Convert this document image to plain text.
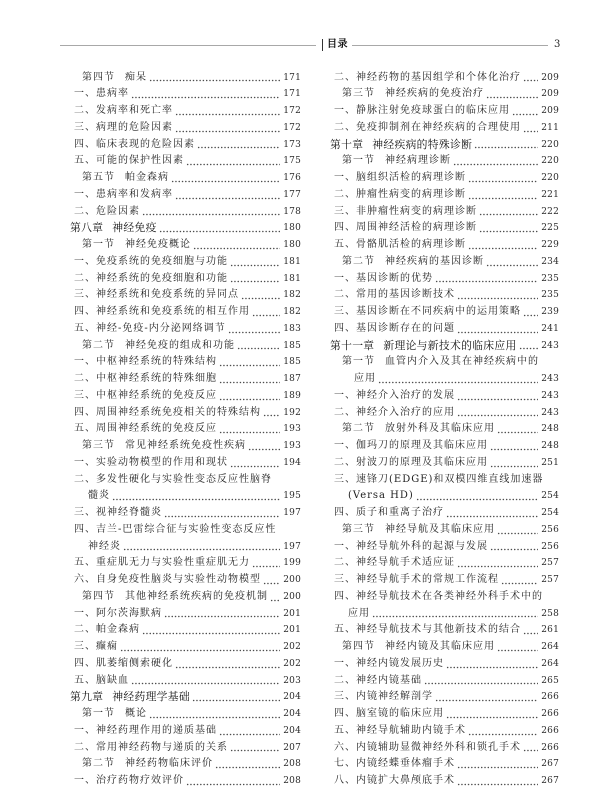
目录	3
第四节 痴呆	171
一、患病率	171
二、发病率和死亡率	172
三、病理的危险因素	172
四、临床表现的危险因素	173
五、可能的保护性因素	175
第五节 帕金森病	176
一、患病率和发病率	177
二、危险因素	178
第八章 神经免疫	180
第一节 神经免疫概论	180
一、免疫系统的免疫细胞与功能	181
二、神经系统的免疫细胞和功能	181
三、神经系统和免疫系统的异同点	182
四、神经系统和免疫系统的相互作用	182
五、神经-免疫-内分泌网络调节	183
第二节 神经免疫的组成和功能	185
一、中枢神经系统的特殊结构	185
二、中枢神经系统的特殊细胞	187
三、中枢神经系统的免疫反应	189
四、周围神经系统免疫相关的特殊结构 192
五、周围神经系统的免疫反应	193
第三节 常见神经系统免疫性疾病	193
一、实验动物模型的作用和现状	194
二、多发性硬化与实验性变态反应性脑脊
髓炎	195
三、视神经脊髓炎	197
四、吉兰-巴雷综合征与实验性变态反应性
神经炎	197
五、重症肌无力与实验性重症肌无力	199
六、自身免疫性脑炎与实验性动物模型 200
第四节 其他神经系统疾病的免疫机制 200
一、阿尔茨海默病	201
二、帕金森病	201
三、癫痫	202
四、肌萎缩侧索硬化	202
五、脑缺血	203
第九章 神经药理学基础	204
第一节 概论	204
一、神经药理作用的递质基础	204
二、常用神经药物与递质的关系	207
第二节 神经药物临床评价	208
一、治疗药物疗效评价	208
二、神经药物的基因组学和个体化治疗 209
第三节 神经疾病的免疫治疗	209
一、静脉注射免疫球蛋白的临床应用	209
二、免疫抑制剂在神经疾病的合理使用 211
第十章 神经疾病的特殊诊断	220
第一节 神经病理诊断	220
一、脑组织活检的病理诊断	220
二、肿瘤性病变的病理诊断	221
三、非肿瘤性病变的病理诊断	222
四、周围神经活检的病理诊断	225
五、骨骼肌活检的病理诊断	229
第二节 神经疾病的基因诊断	234
一、基因诊断的优势	235
二、常用的基因诊断技术	235
三、基因诊断在不同疾病中的运用策略 239
四、基因诊断存在的问题	241
第十一章 新理论与新技术的临床应用	243
第一节 血管内介入及其在神经疾病中的
应用	243
一、神经介入治疗的发展	243
二、神经介入治疗的应用	243
第二节 放射外科及其临床应用	248
一、伽玛刀的原理及其临床应用	248
二、射波刀的原理及其临床应用	251
三、速锋刀(EDGE)和双模四维直线加速器
(Versa HD)	254
四、质子和重离子治疗	254
第三节 神经导航及其临床应用	256
一、神经导航外科的起源与发展	256
二、神经导航手术适应证	257
三、神经导航手术的常规工作流程	257
四、神经导航技术在各类神经外科手术中的
应用	258
五、神经导航技术与其他新技术的结合 261
第四节 神经内镜及其临床应用	264
一、神经内镜发展历史	264
二、神经内镜基础	265
三、内镜神经解剖学	266
四、脑室镜的临床应用	266
五、神经导航辅助内镜手术	266
六、内镜辅助显微神经外科和锁孔手术 266
七、内镜经蝶垂体瘤手术	267
八、内镜扩大鼻颅底手术	267
